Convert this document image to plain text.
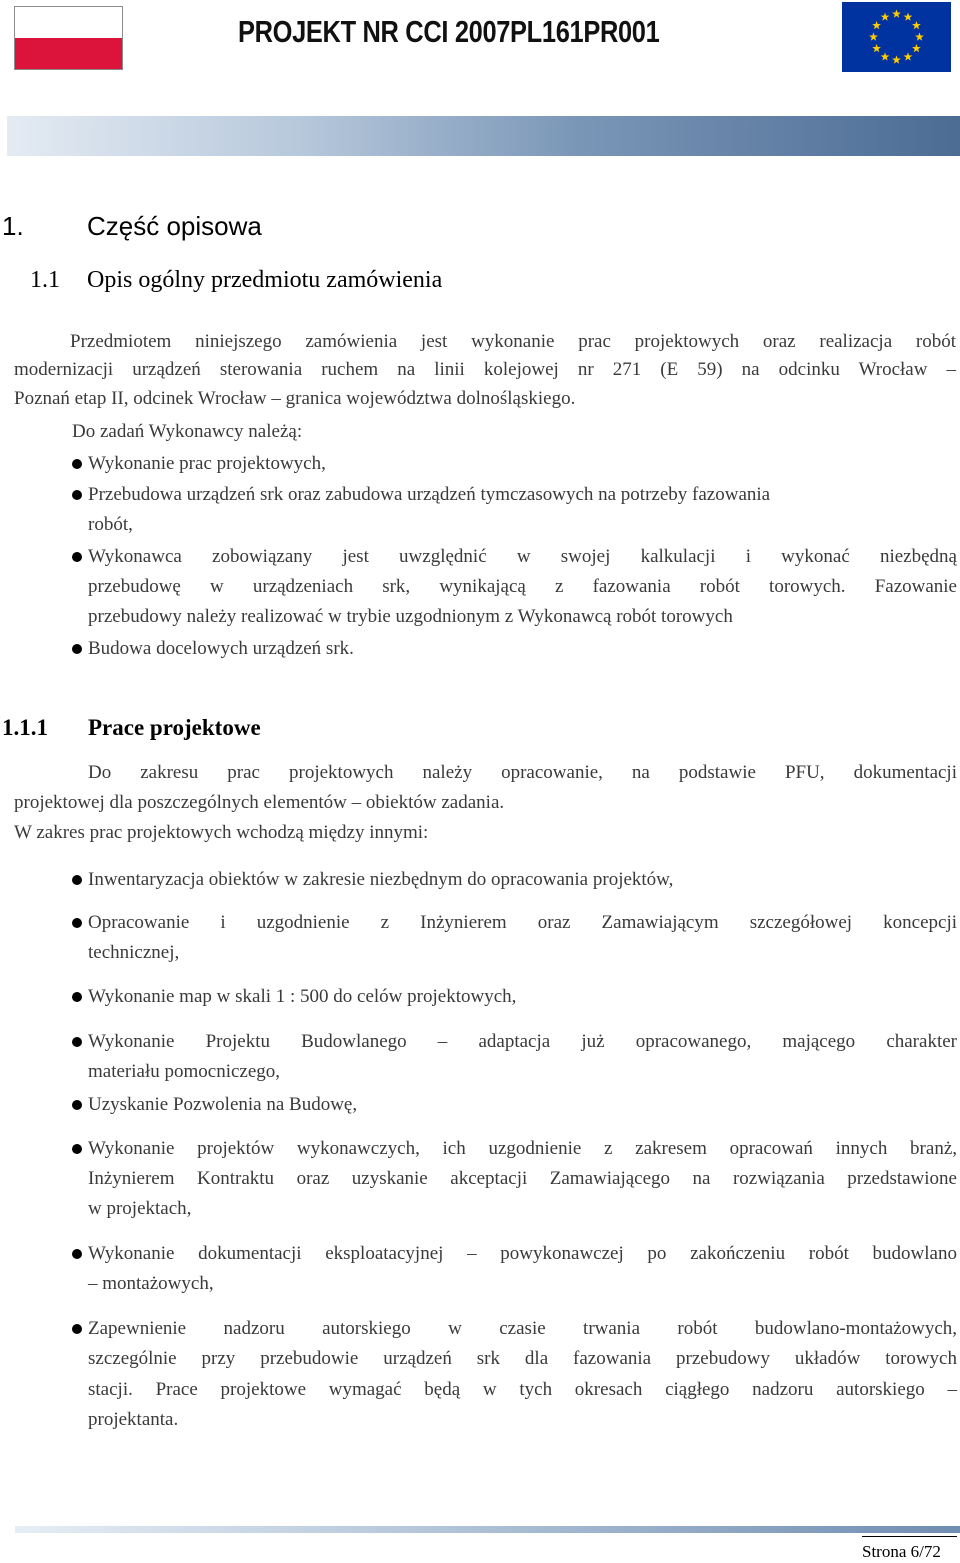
PROJEKT NR CCI 2007PL161PR001
1. Część opisowa
1.1 Opis ogólny przedmiotu zamówienia
Przedmiotem niniejszego zamówienia jest wykonanie prac projektowych oraz realizacja robót
modernizacji urządzeń sterowania ruchem na linii kolejowej nr 271 (E 59) na odcinku Wrocław –
Poznań etap II, odcinek Wrocław – granica województwa dolnośląskiego.
Do zadań Wykonawcy należą:
Wykonanie prac projektowych,
Przebudowa urządzeń srk oraz zabudowa urządzeń tymczasowych na potrzeby fazowania
robót,
Wykonawca zobowiązany jest uwzględnić w swojej kalkulacji i wykonać niezbędną
przebudowę w urządzeniach srk, wynikającą z fazowania robót torowych. Fazowanie
przebudowy należy realizować w trybie uzgodnionym z Wykonawcą robót torowych
Budowa docelowych urządzeń srk.
1.1.1 Prace projektowe
Do zakresu prac projektowych należy opracowanie, na podstawie PFU, dokumentacji
projektowej dla poszczególnych elementów – obiektów zadania.
W zakres prac projektowych wchodzą między innymi:
Inwentaryzacja obiektów w zakresie niezbędnym do opracowania projektów,
Opracowanie i uzgodnienie z Inżynierem oraz Zamawiającym szczegółowej koncepcji
technicznej,
Wykonanie map w skali 1 : 500 do celów projektowych,
Wykonanie Projektu Budowlanego – adaptacja już opracowanego, mającego charakter
materiału pomocniczego,
Uzyskanie Pozwolenia na Budowę,
Wykonanie projektów wykonawczych, ich uzgodnienie z zakresem opracowań innych branż,
Inżynierem Kontraktu oraz uzyskanie akceptacji Zamawiającego na rozwiązania przedstawione
w projektach,
Wykonanie dokumentacji eksploatacyjnej – powykonawczej po zakończeniu robót budowlano
– montażowych,
Zapewnienie nadzoru autorskiego w czasie trwania robót budowlano-montażowych,
szczególnie przy przebudowie urządzeń srk dla fazowania przebudowy układów torowych
stacji. Prace projektowe wymagać będą w tych okresach ciągłego nadzoru autorskiego –
projektanta.
Strona 6/72
